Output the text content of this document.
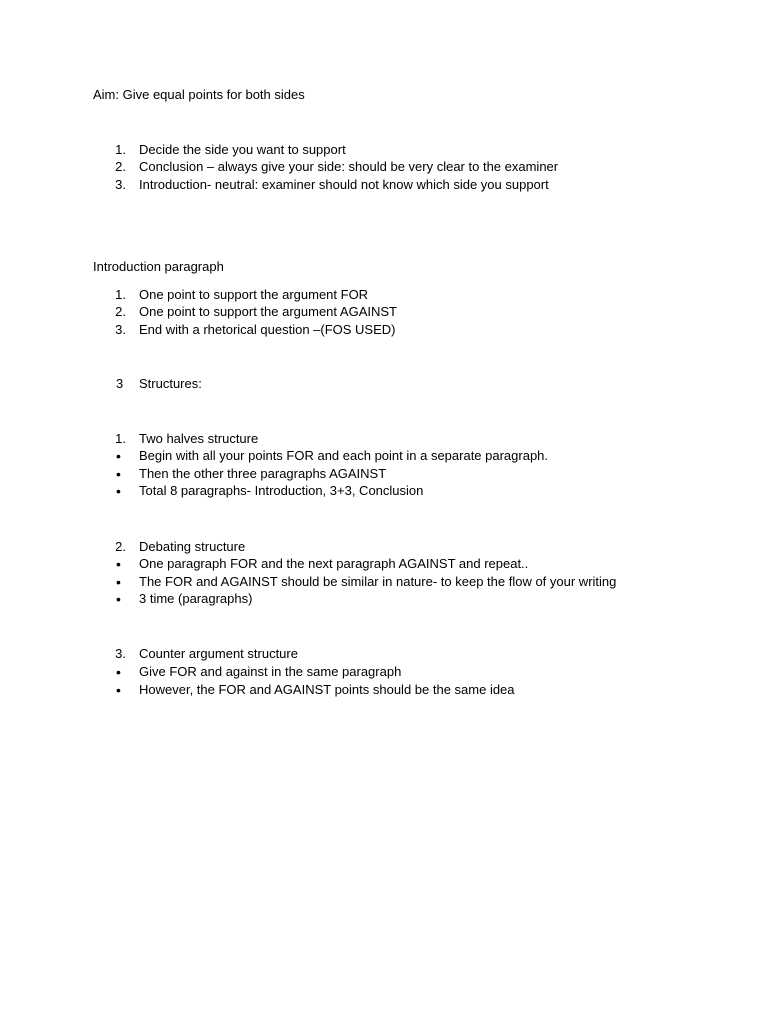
Aim: Give equal points for both sides
1. Decide the side you want to support
2. Conclusion – always give your side: should be very clear to the examiner
3. Introduction- neutral: examiner should not know which side you support
Introduction paragraph
1. One point to support the argument FOR
2. One point to support the argument AGAINST
3. End with a rhetorical question –(FOS USED)
3 Structures:
1. Two halves structure
• Begin with all your points FOR and each point in a separate paragraph.
• Then the other three paragraphs AGAINST
• Total 8 paragraphs- Introduction, 3+3, Conclusion
2. Debating structure
• One paragraph FOR and the next paragraph AGAINST and repeat..
• The FOR and AGAINST should be similar in nature- to keep the flow of your writing
• 3 time (paragraphs)
3. Counter argument structure
• Give FOR and against in the same paragraph
• However, the FOR and AGAINST points should be the same idea
